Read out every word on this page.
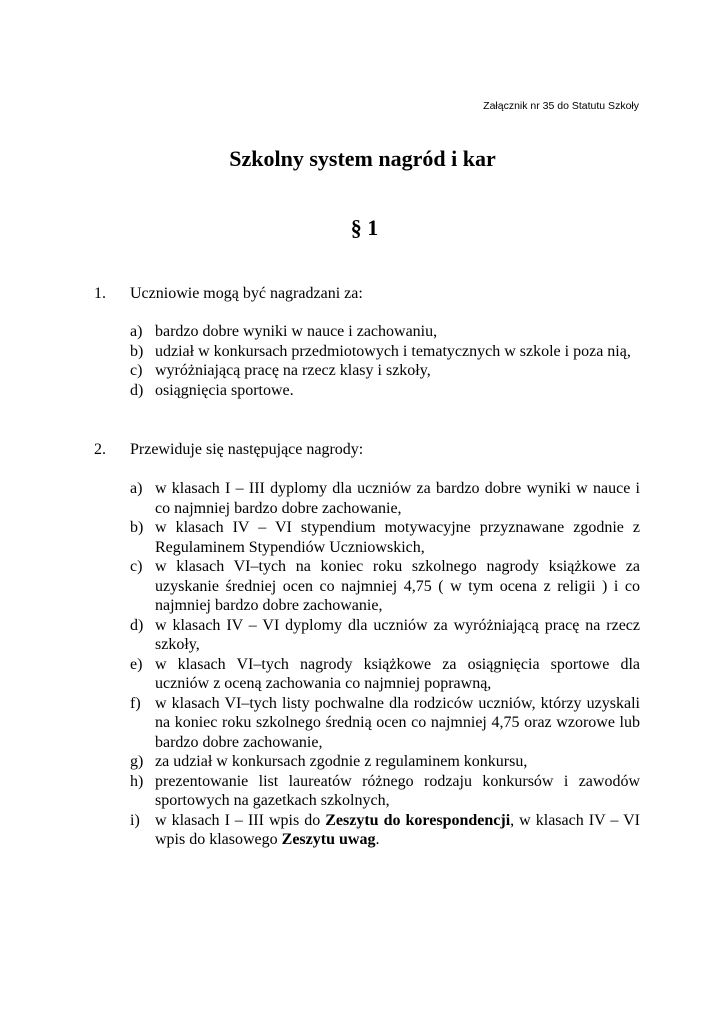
Załącznik nr 35 do Statutu Szkoły
Szkolny system nagród i kar
§ 1
1. Uczniowie mogą być nagradzani za:
a) bardzo dobre wyniki w nauce i zachowaniu,
b) udział w konkursach przedmiotowych i tematycznych w szkole i poza nią,
c) wyróżniającą pracę na rzecz klasy i szkoły,
d) osiągnięcia sportowe.
2. Przewiduje się następujące nagrody:
a) w klasach I – III dyplomy dla uczniów za bardzo dobre wyniki w nauce i co najmniej bardzo dobre zachowanie,
b) w klasach IV – VI stypendium motywacyjne przyznawane zgodnie z Regulaminem Stypendiów Uczniowskich,
c) w klasach VI–tych na koniec roku szkolnego nagrody książkowe za uzyskanie średniej ocen co najmniej 4,75 ( w tym ocena z religii ) i co najmniej bardzo dobre zachowanie,
d) w klasach IV – VI dyplomy dla uczniów za wyróżniającą pracę na rzecz szkoły,
e) w klasach VI–tych nagrody książkowe za osiągnięcia sportowe dla uczniów z oceną zachowania co najmniej poprawną,
f) w klasach VI–tych listy pochwalne dla rodziców uczniów, którzy uzyskali na koniec roku szkolnego średnią ocen co najmniej 4,75 oraz wzorowe lub bardzo dobre zachowanie,
g) za udział w konkursach zgodnie z regulaminem konkursu,
h) prezentowanie list laureatów różnego rodzaju konkursów i zawodów sportowych na gazetkach szkolnych,
i) w klasach I – III wpis do Zeszytu do korespondencji, w klasach IV – VI wpis do klasowego Zeszytu uwag.
